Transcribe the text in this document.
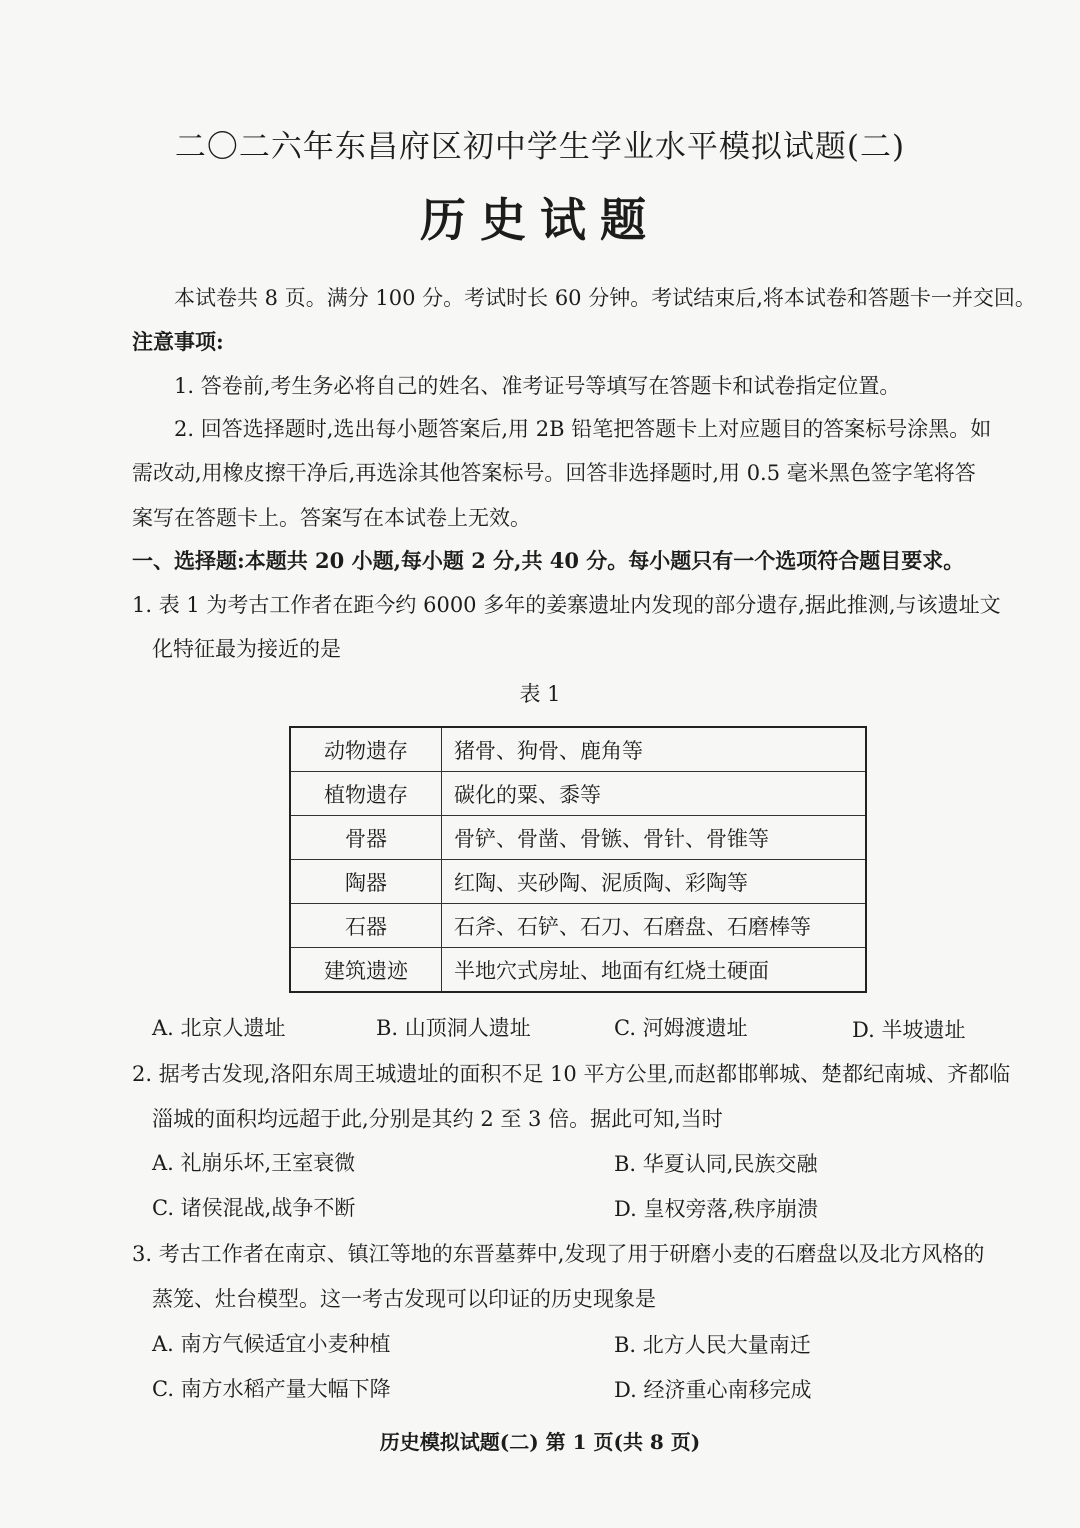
二〇二六年东昌府区初中学生学业水平模拟试题(二)
历史试题
本试卷共 8 页。满分 100 分。考试时长 60 分钟。考试结束后,将本试卷和答题卡一并交回。
注意事项:
1. 答卷前,考生务必将自己的姓名、准考证号等填写在答题卡和试卷指定位置。
2. 回答选择题时,选出每小题答案后,用 2B 铅笔把答题卡上对应题目的答案标号涂黑。如
需改动,用橡皮擦干净后,再选涂其他答案标号。回答非选择题时,用 0.5 毫米黑色签字笔将答
案写在答题卡上。答案写在本试卷上无效。
一、选择题:本题共 20 小题,每小题 2 分,共 40 分。每小题只有一个选项符合题目要求。
1. 表 1 为考古工作者在距今约 6000 多年的姜寨遗址内发现的部分遗存,据此推测,与该遗址文
化特征最为接近的是
表 1
动物遗存	猪骨、狗骨、鹿角等
植物遗存	碳化的粟、黍等
骨器	骨铲、骨凿、骨镞、骨针、骨锥等
陶器	红陶、夹砂陶、泥质陶、彩陶等
石器	石斧、石铲、石刀、石磨盘、石磨棒等
建筑遗迹	半地穴式房址、地面有红烧土硬面
A. 北京人遗址	B. 山顶洞人遗址	C. 河姆渡遗址	D. 半坡遗址
2. 据考古发现,洛阳东周王城遗址的面积不足 10 平方公里,而赵都邯郸城、楚都纪南城、齐都临
淄城的面积均远超于此,分别是其约 2 至 3 倍。据此可知,当时
A. 礼崩乐坏,王室衰微	B. 华夏认同,民族交融
C. 诸侯混战,战争不断	D. 皇权旁落,秩序崩溃
3. 考古工作者在南京、镇江等地的东晋墓葬中,发现了用于研磨小麦的石磨盘以及北方风格的
蒸笼、灶台模型。这一考古发现可以印证的历史现象是
A. 南方气候适宜小麦种植	B. 北方人民大量南迁
C. 南方水稻产量大幅下降	D. 经济重心南移完成
历史模拟试题(二) 第 1 页(共 8 页)
